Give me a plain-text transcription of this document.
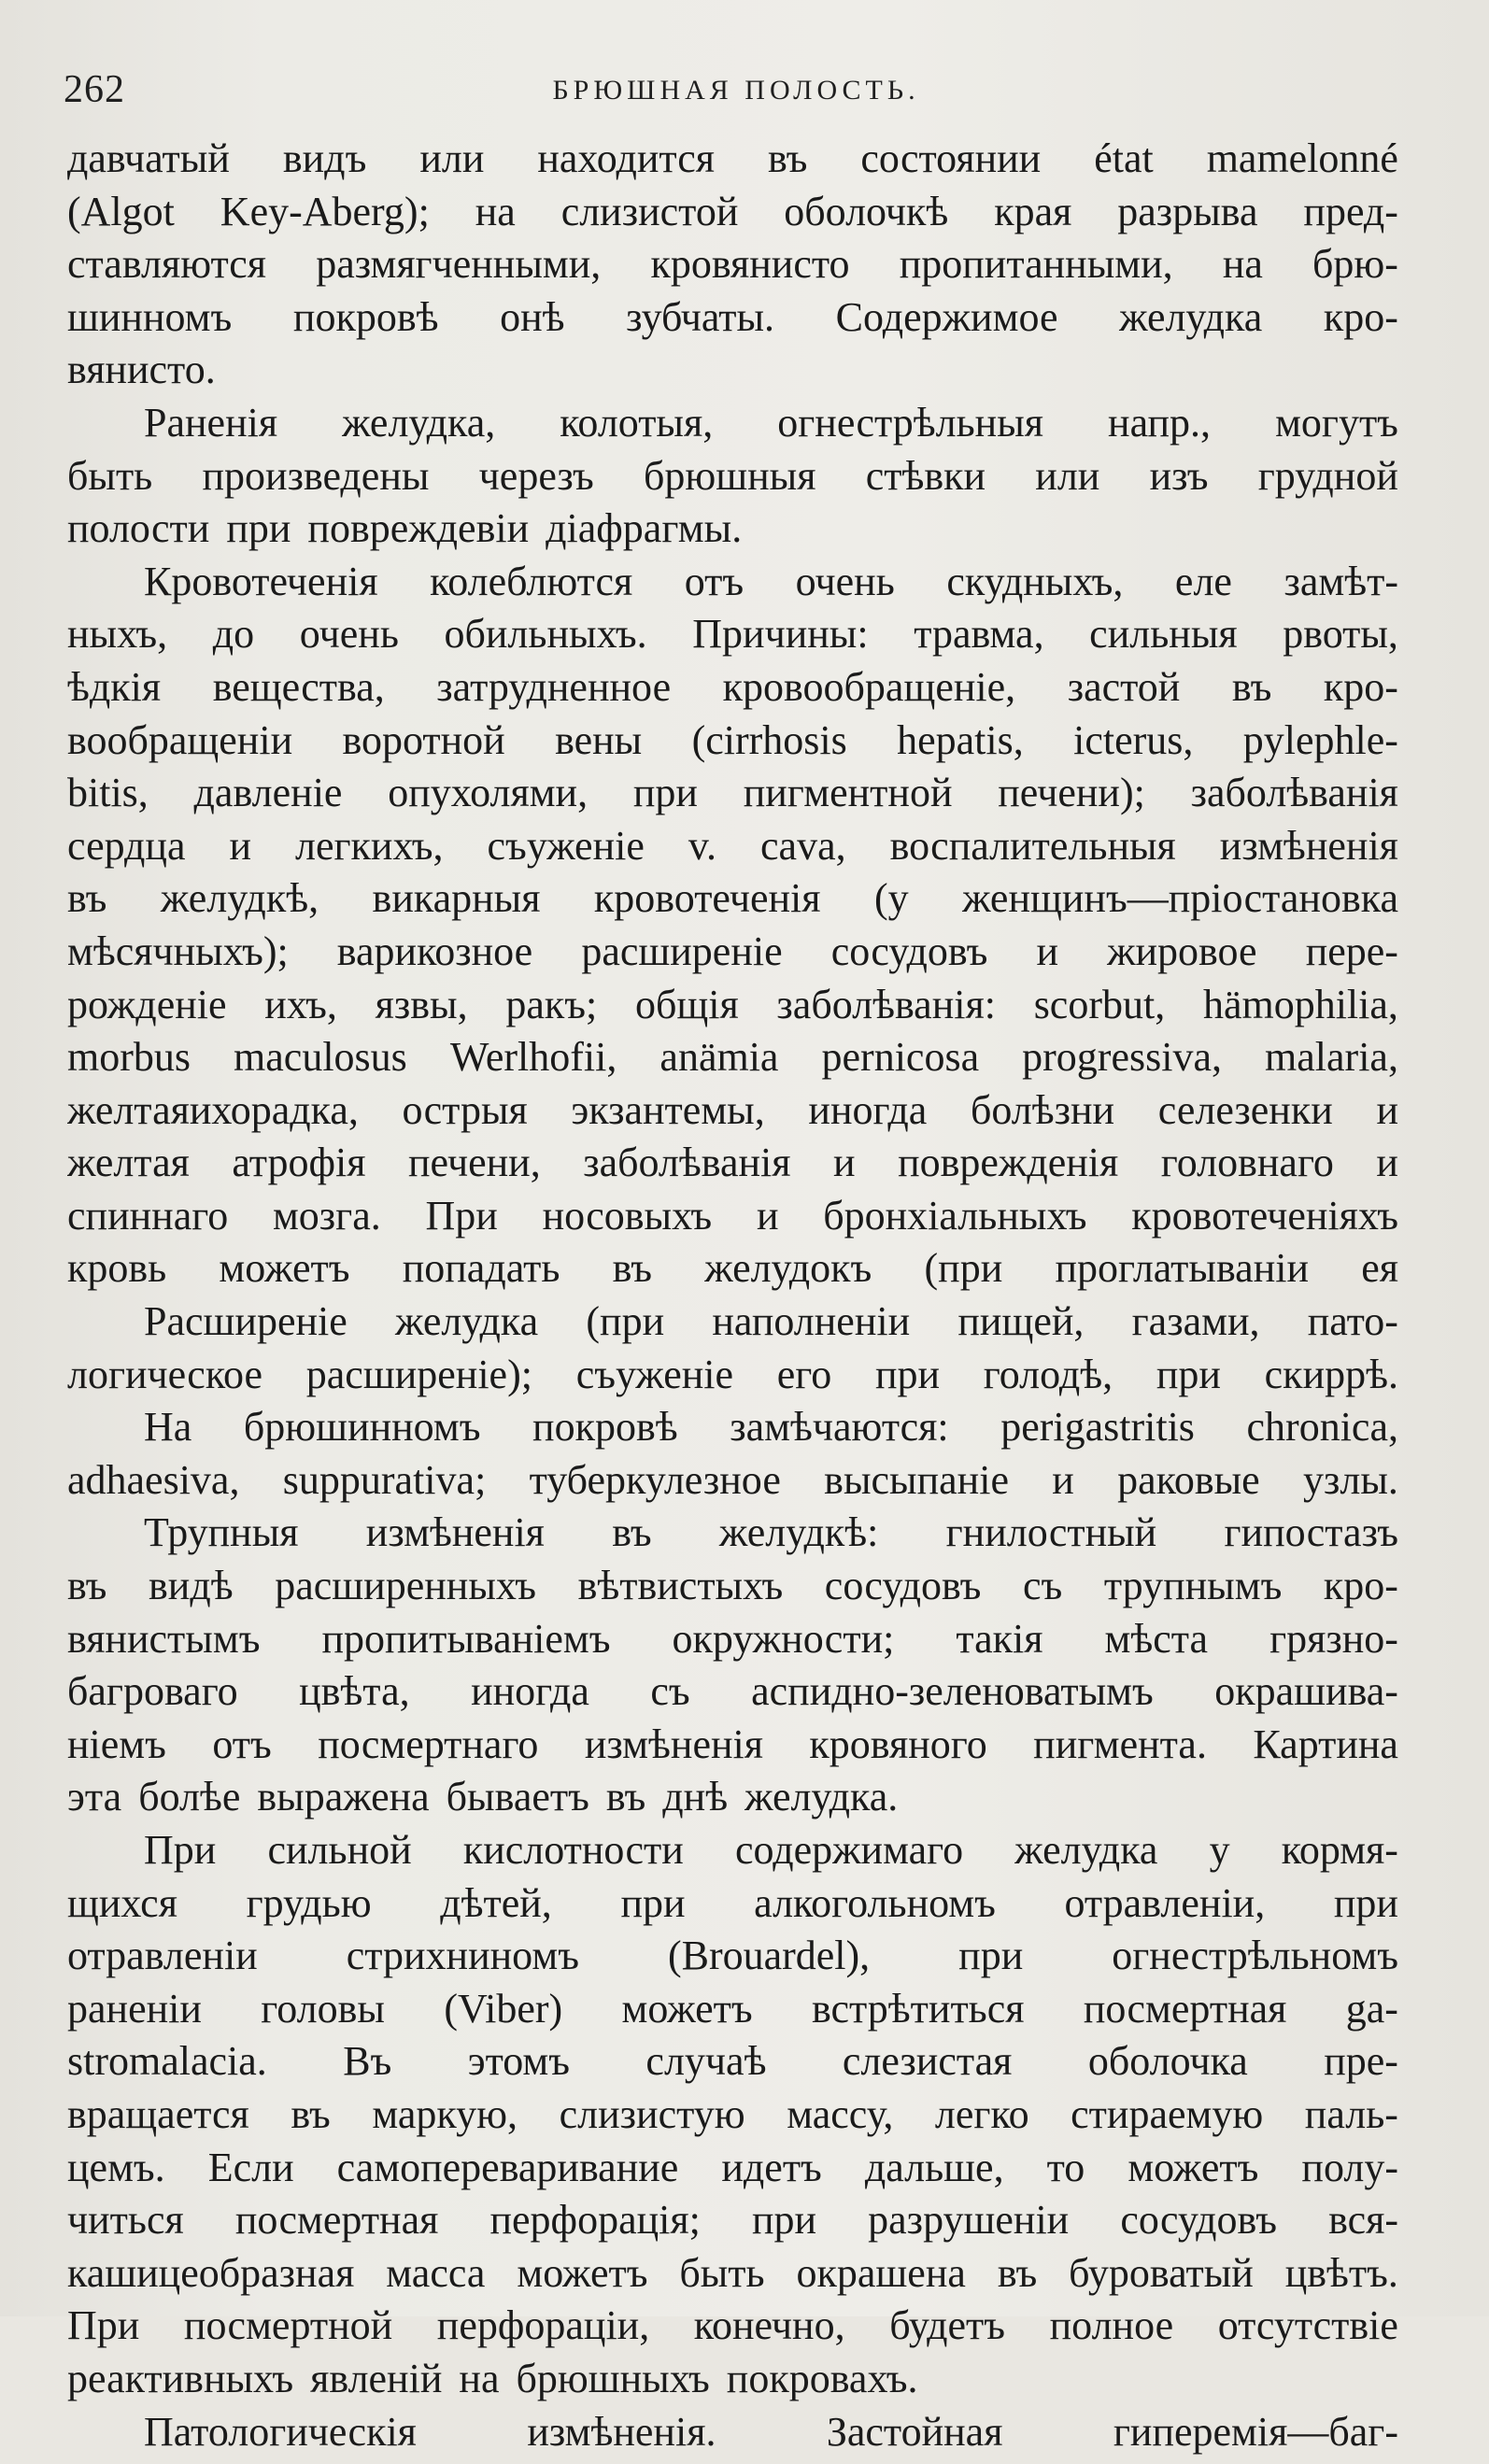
262	БРЮШНАЯ ПОЛОСТЬ.
давчатый видъ или находится въ состоянии état mamelonné
(Algot Key-Aberg); на слизистой оболочкѣ края разрыва пред-
ставляются размягченными, кровянисто пропитанными, на брю-
шинномъ покровѣ онѣ зубчаты. Содержимое желудка кро-
вянисто.
Раненія желудка, колотыя, огнестрѣльныя напр., могутъ
быть произведены черезъ брюшныя стѣвки или изъ грудной
полости при повреждевіи діафрагмы.
Кровотеченія колеблются отъ очень скудныхъ, еле замѣт-
ныхъ, до очень обильныхъ. Причины: травма, сильныя рвоты,
ѣдкія вещества, затрудненное кровообращеніе, застой въ кро-
вообращеніи воротной вены (cirrhosis hepatis, icterus, pylephle-
bitis, давленіе опухолями, при пигментной печени); заболѣванія
сердца и легкихъ, съуженіе v. cava, воспалительныя измѣненія
въ желудкѣ, викарныя кровотеченія (у женщинъ—пріостановка
мѣсячныхъ); варикозное расширеніе сосудовъ и жировое пере-
рожденіе ихъ, язвы, ракъ; общія заболѣванія: scorbut, hämophilia,
morbus maculosus Werlhofii, anämia pernicosa progressiva, malaria,
желтаяихорадка, острыя экзантемы, иногда болѣзни селезенки и
желтая атрофія печени, заболѣванія и поврежденія головнаго и
спиннаго мозга. При носовыхъ и бронхіальныхъ кровотеченіяхъ
кровь можетъ попадать въ желудокъ (при проглатываніи ея
Расширеніе желудка (при наполненіи пищей, газами, пато-
логическое расширеніе); съуженіе его при голодѣ, при скиррѣ.
На брюшинномъ покровѣ замѣчаются: perigastritis chronica,
adhaesiva, suppurativa; туберкулезное высыпаніе и раковые узлы.
Трупныя измѣненія въ желудкѣ: гнилостный гипостазъ
въ видѣ расширенныхъ вѣтвистыхъ сосудовъ съ трупнымъ кро-
вянистымъ пропитываніемъ окружности; такія мѣста грязно-
багроваго цвѣта, иногда съ аспидно-зеленоватымъ окрашива-
ніемъ отъ посмертнаго измѣненія кровяного пигмента. Картина
эта болѣе выражена бываетъ въ днѣ желудка.
При сильной кислотности содержимаго желудка у кормя-
щихся грудью дѣтей, при алкогольномъ отравленіи, при
отравленіи стрихниномъ (Brouardel), при огнестрѣльномъ
раненіи головы (Viber) можетъ встрѣтиться посмертная ga-
stromalacia. Въ этомъ случаѣ слезистая оболочка пре-
вращается въ маркую, слизистую массу, легко стираемую паль-
цемъ. Если самопереваривание идетъ дальше, то можетъ полу-
читься посмертная перфорація; при разрушеніи сосудовъ вся-
кашицеобразная масса можетъ быть окрашена въ буроватый цвѣтъ.
При посмертной перфораціи, конечно, будетъ полное отсутствіе
реактивныхъ явленій на брюшныхъ покровахъ.
Патологическія	измѣненія.	Застойная	гиперемія—баг-
